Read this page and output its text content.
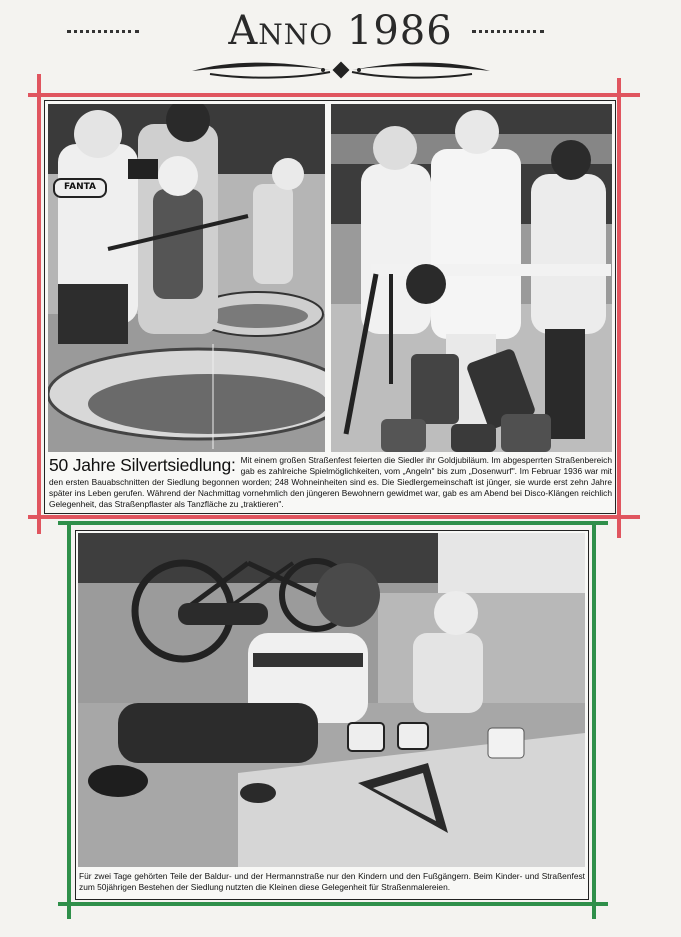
Anno 1986
FANTA
50 Jahre Silvertsiedlung: Mit einem großen Straßenfest feierten die Siedler ihr Goldjubiläum. Im abgesperrten Straßenbereich gab es zahlreiche Spielmöglichkeiten, vom „Angeln" bis zum „Dosenwurf". Im Februar 1936 war mit den ersten Bauabschnitten der Siedlung begonnen worden; 248 Wohneinheiten sind es. Die Siedlergemeinschaft ist jünger, sie wurde erst zehn Jahre später ins Leben gerufen. Während der Nachmittag vornehmlich den jüngeren Bewohnern gewidmet war, gab es am Abend bei Disco-Klängen reichlich Gelegenheit, das Straßenpflaster als Tanzfläche zu „traktieren".
Für zwei Tage gehörten Teile der Baldur- und der Hermannstraße nur den Kindern und den Fußgängern. Beim Kinder- und Straßenfest zum 50jährigen Bestehen der Siedlung nutzten die Kleinen diese Gelegenheit für Straßenmalereien.
